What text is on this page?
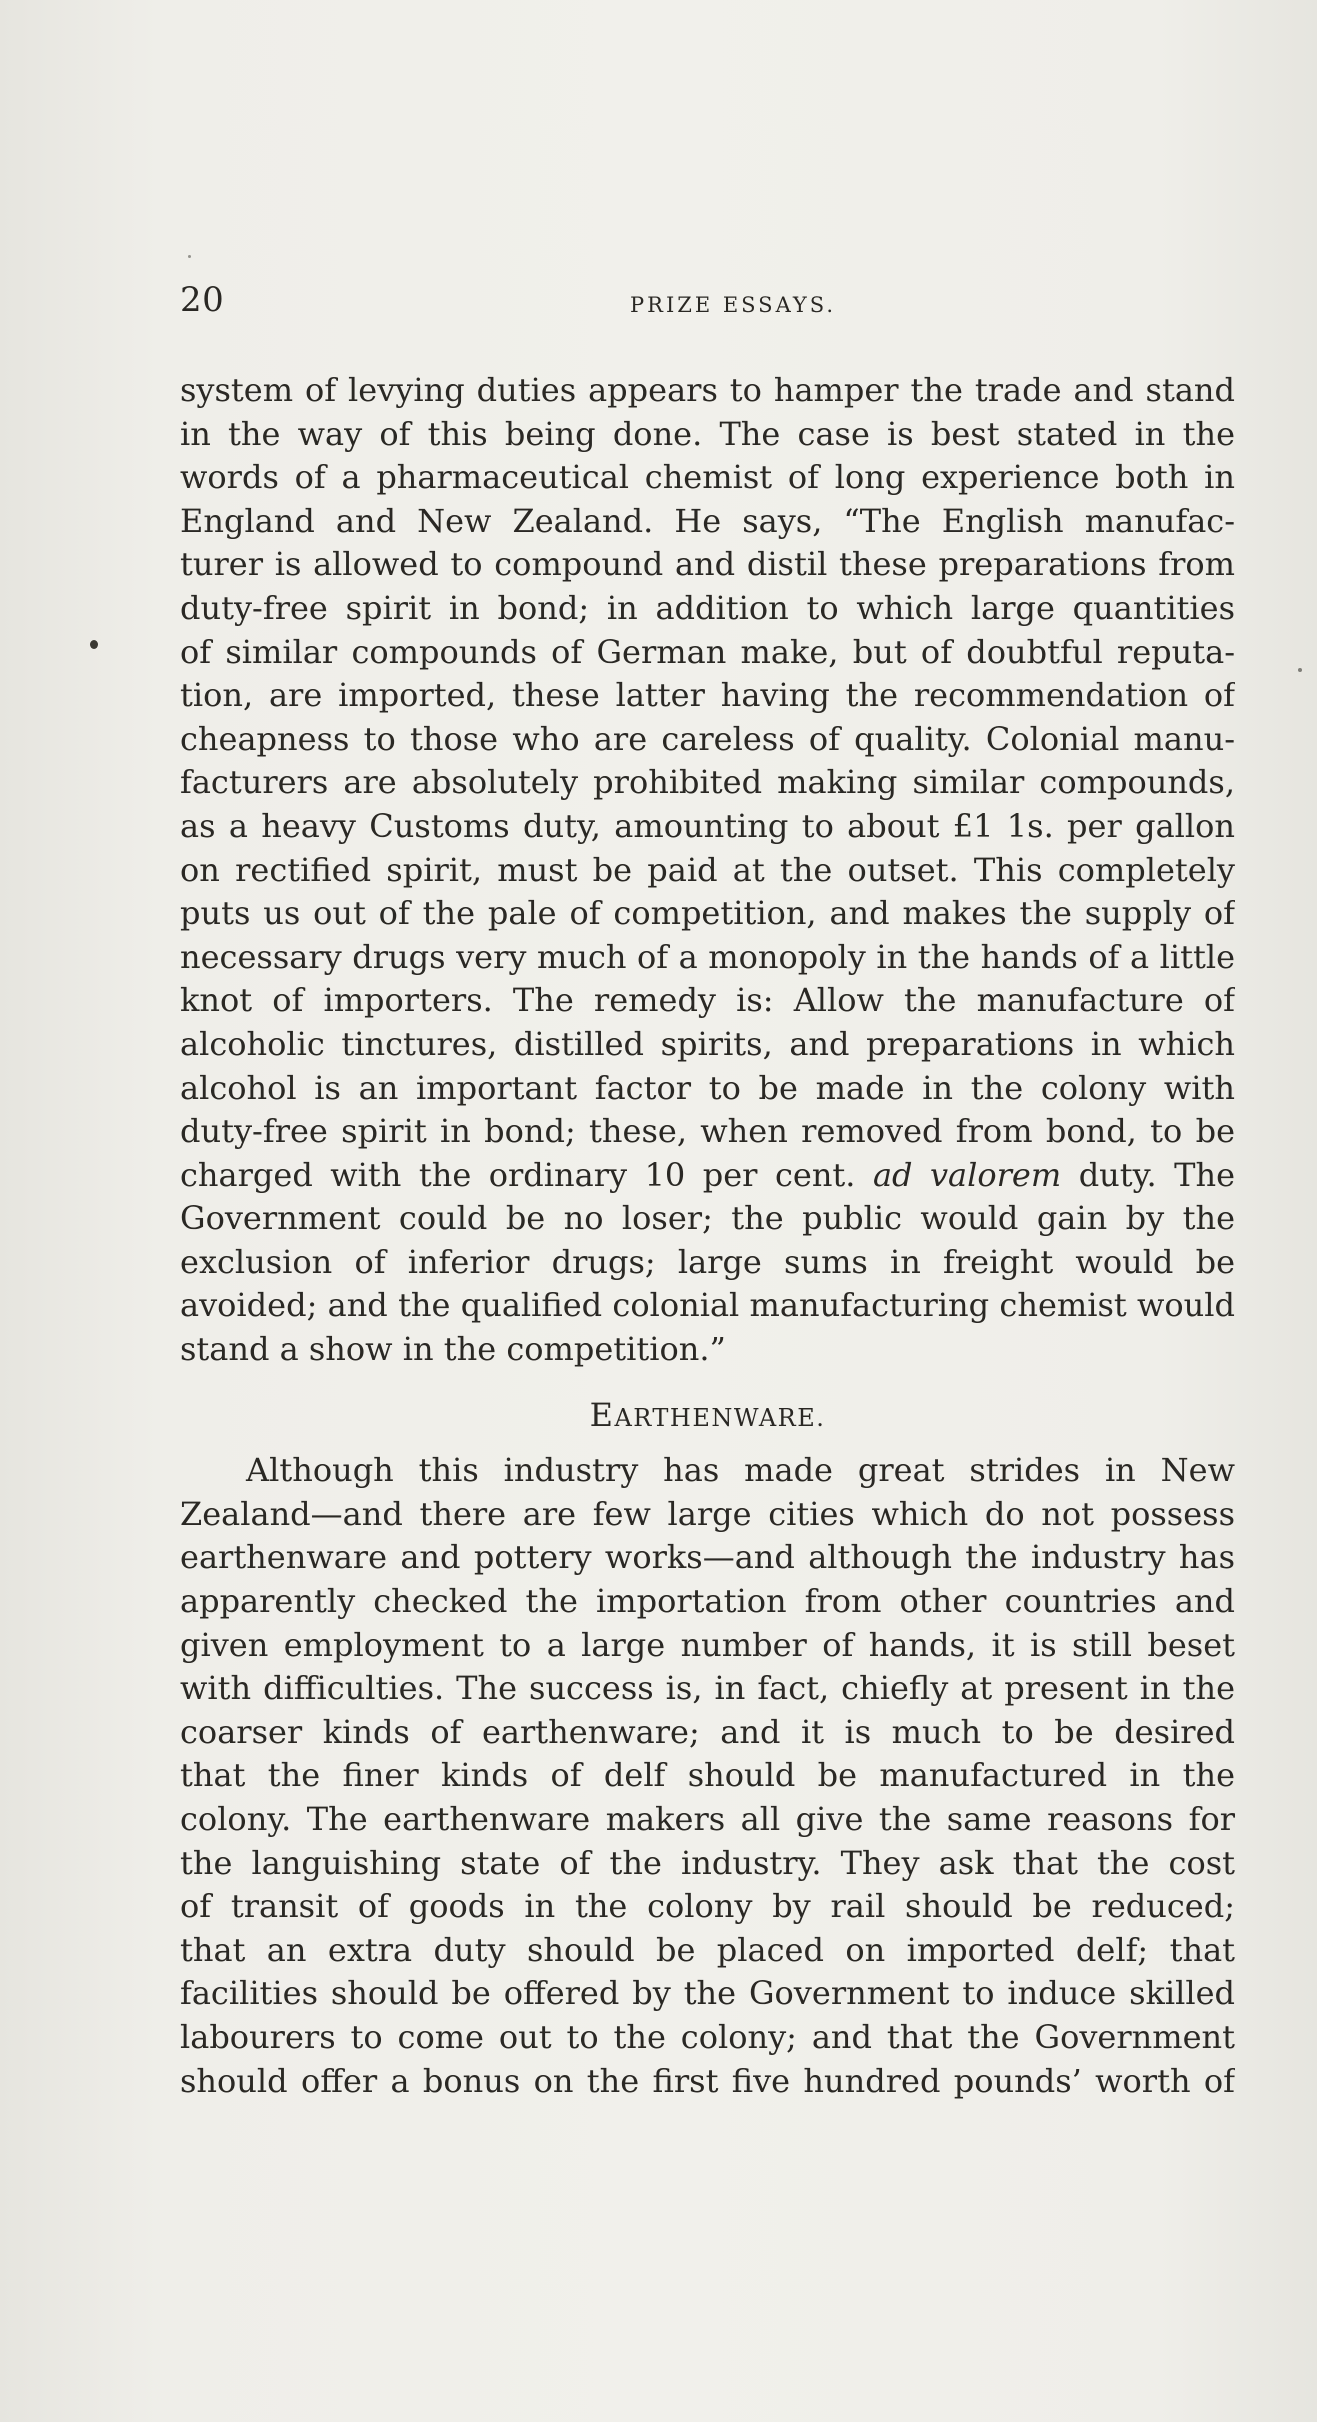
20	PRIZE ESSAYS.
system of levying duties appears to hamper the trade and stand
in the way of this being done. The case is best stated in the
words of a pharmaceutical chemist of long experience both in
England and New Zealand. He says, “The English manufac-
turer is allowed to compound and distil these preparations from
duty-free spirit in bond; in addition to which large quantities
of similar compounds of German make, but of doubtful reputa-
tion, are imported, these latter having the recommendation of
cheapness to those who are careless of quality. Colonial manu-
facturers are absolutely prohibited making similar compounds,
as a heavy Customs duty, amounting to about £1 1s. per gallon
on rectified spirit, must be paid at the outset. This completely
puts us out of the pale of competition, and makes the supply of
necessary drugs very much of a monopoly in the hands of a little
knot of importers. The remedy is: Allow the manufacture of
alcoholic tinctures, distilled spirits, and preparations in which
alcohol is an important factor to be made in the colony with
duty-free spirit in bond; these, when removed from bond, to be
charged with the ordinary 10 per cent. ad valorem duty. The
Government could be no loser; the public would gain by the
exclusion of inferior drugs; large sums in freight would be
avoided; and the qualified colonial manufacturing chemist would
stand a show in the competition.”
EARTHENWARE.
Although this industry has made great strides in New
Zealand—and there are few large cities which do not possess
earthenware and pottery works—and although the industry has
apparently checked the importation from other countries and
given employment to a large number of hands, it is still beset
with difficulties. The success is, in fact, chiefly at present in the
coarser kinds of earthenware; and it is much to be desired
that the finer kinds of delf should be manufactured in the
colony. The earthenware makers all give the same reasons for
the languishing state of the industry. They ask that the cost
of transit of goods in the colony by rail should be reduced;
that an extra duty should be placed on imported delf; that
facilities should be offered by the Government to induce skilled
labourers to come out to the colony; and that the Government
should offer a bonus on the first five hundred pounds’ worth of
